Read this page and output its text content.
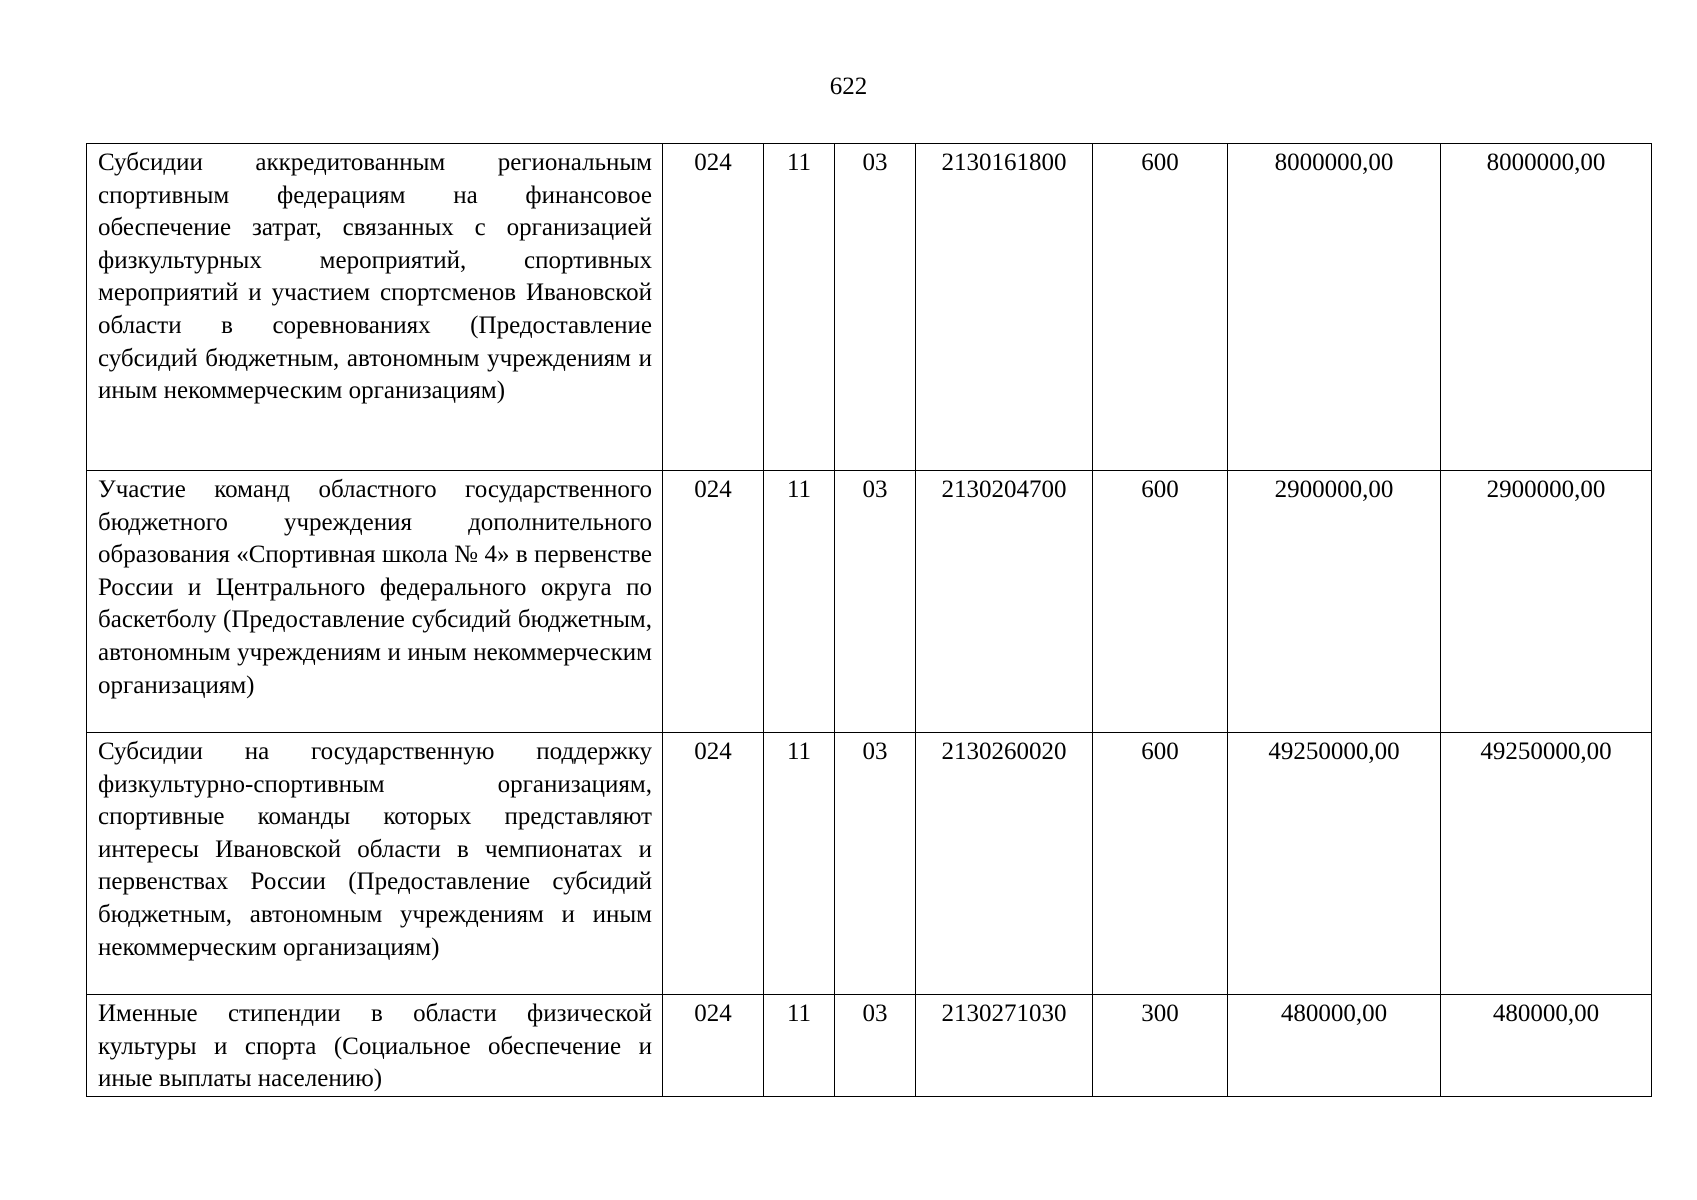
622
Субсидии аккредитованным региональным спортивным федерациям на финансовое обеспечение затрат, связанных с организацией физкультурных мероприятий, спортивных мероприятий и участием спортсменов Ивановской области в соревнованиях (Предоставление субсидий бюджетным, автономным учреждениям и иным некоммерческим организациям)	024	11	03	2130161800	600	8000000,00	8000000,00
Участие команд областного государственного бюджетного учреждения дополнительного образования «Спортивная школа № 4» в первенстве России и Центрального федерального округа по баскетболу (Предоставление субсидий бюджетным, автономным учреждениям и иным некоммерческим организациям)	024	11	03	2130204700	600	2900000,00	2900000,00
Субсидии на государственную поддержку физкультурно-спортивным организациям, спортивные команды которых представляют интересы Ивановской области в чемпионатах и первенствах России (Предоставление субсидий бюджетным, автономным учреждениям и иным некоммерческим организациям)	024	11	03	2130260020	600	49250000,00	49250000,00
Именные стипендии в области физической культуры и спорта (Социальное обеспечение и иные выплаты населению)	024	11	03	2130271030	300	480000,00	480000,00
